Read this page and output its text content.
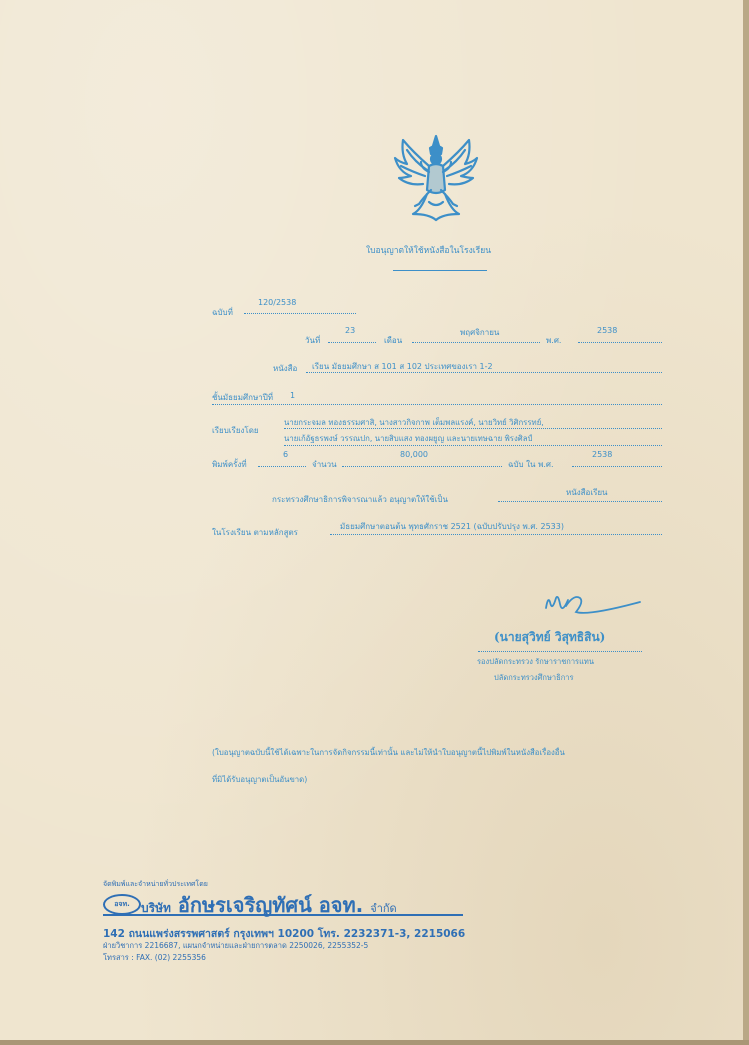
ใบอนุญาตให้ใช้หนังสือในโรงเรียน
ฉบับที่
120/2538
วันที่
23
เดือน
พฤศจิกายน
พ.ศ.
2538
หนังสือ เรียน มัธยมศึกษา ส 101 ส 102 ประเทศของเรา 1-2
ชั้นมัธยมศึกษาปีที่ 1
เรียบเรียงโดย
นายกระจมล ทองธรรมศาสิ, นางสาวกิจกาพ เต็มพลแรงค์, นายวิทย์ วิศิกรรทย์,
นายเก้อัฐธรพงษ์ วรรณปก, นายสิบแสง ทองผยูญ และนายเทษฉาย พิรงศิลป์
พิมพ์ครั้งที่
6
จำนวน
80,000
ฉบับ ใน พ.ศ.
2538
กระทรวงศึกษาธิการพิจารณาแล้ว อนุญาตให้ใช้เป็น
หนังสือเรียน
ในโรงเรียน ตามหลักสูตร
มัธยมศึกษาตอนต้น พุทธศักราช 2521 (ฉบับปรับปรุง พ.ศ. 2533)
(นายสุวิทย์ วิสุทธิสิน)
รองปลัดกระทรวง รักษาราชการแทน
ปลัดกระทรวงศึกษาธิการ
(ใบอนุญาตฉบับนี้ใช้ได้เฉพาะในการจัดกิจกรรมนี้เท่านั้น และไม่ให้นำใบอนุญาตนี้ไปพิมพ์ในหนังสือเรื่องอื่น
ที่มิได้รับอนุญาตเป็นอันขาด)
จัดพิมพ์และจำหน่ายทั่วประเทศโดย
อจท. บริษัท อักษรเจริญทัศน์ อจท. จำกัด
142 ถนนแพร่งสรรพศาสตร์ กรุงเทพฯ 10200 โทร. 2232371-3, 2215066
ฝ่ายวิชาการ 2216687, แผนกจำหน่ายและฝ่ายการตลาด 2250026, 2255352-5
โทรสาร : FAX. (02) 2255356
